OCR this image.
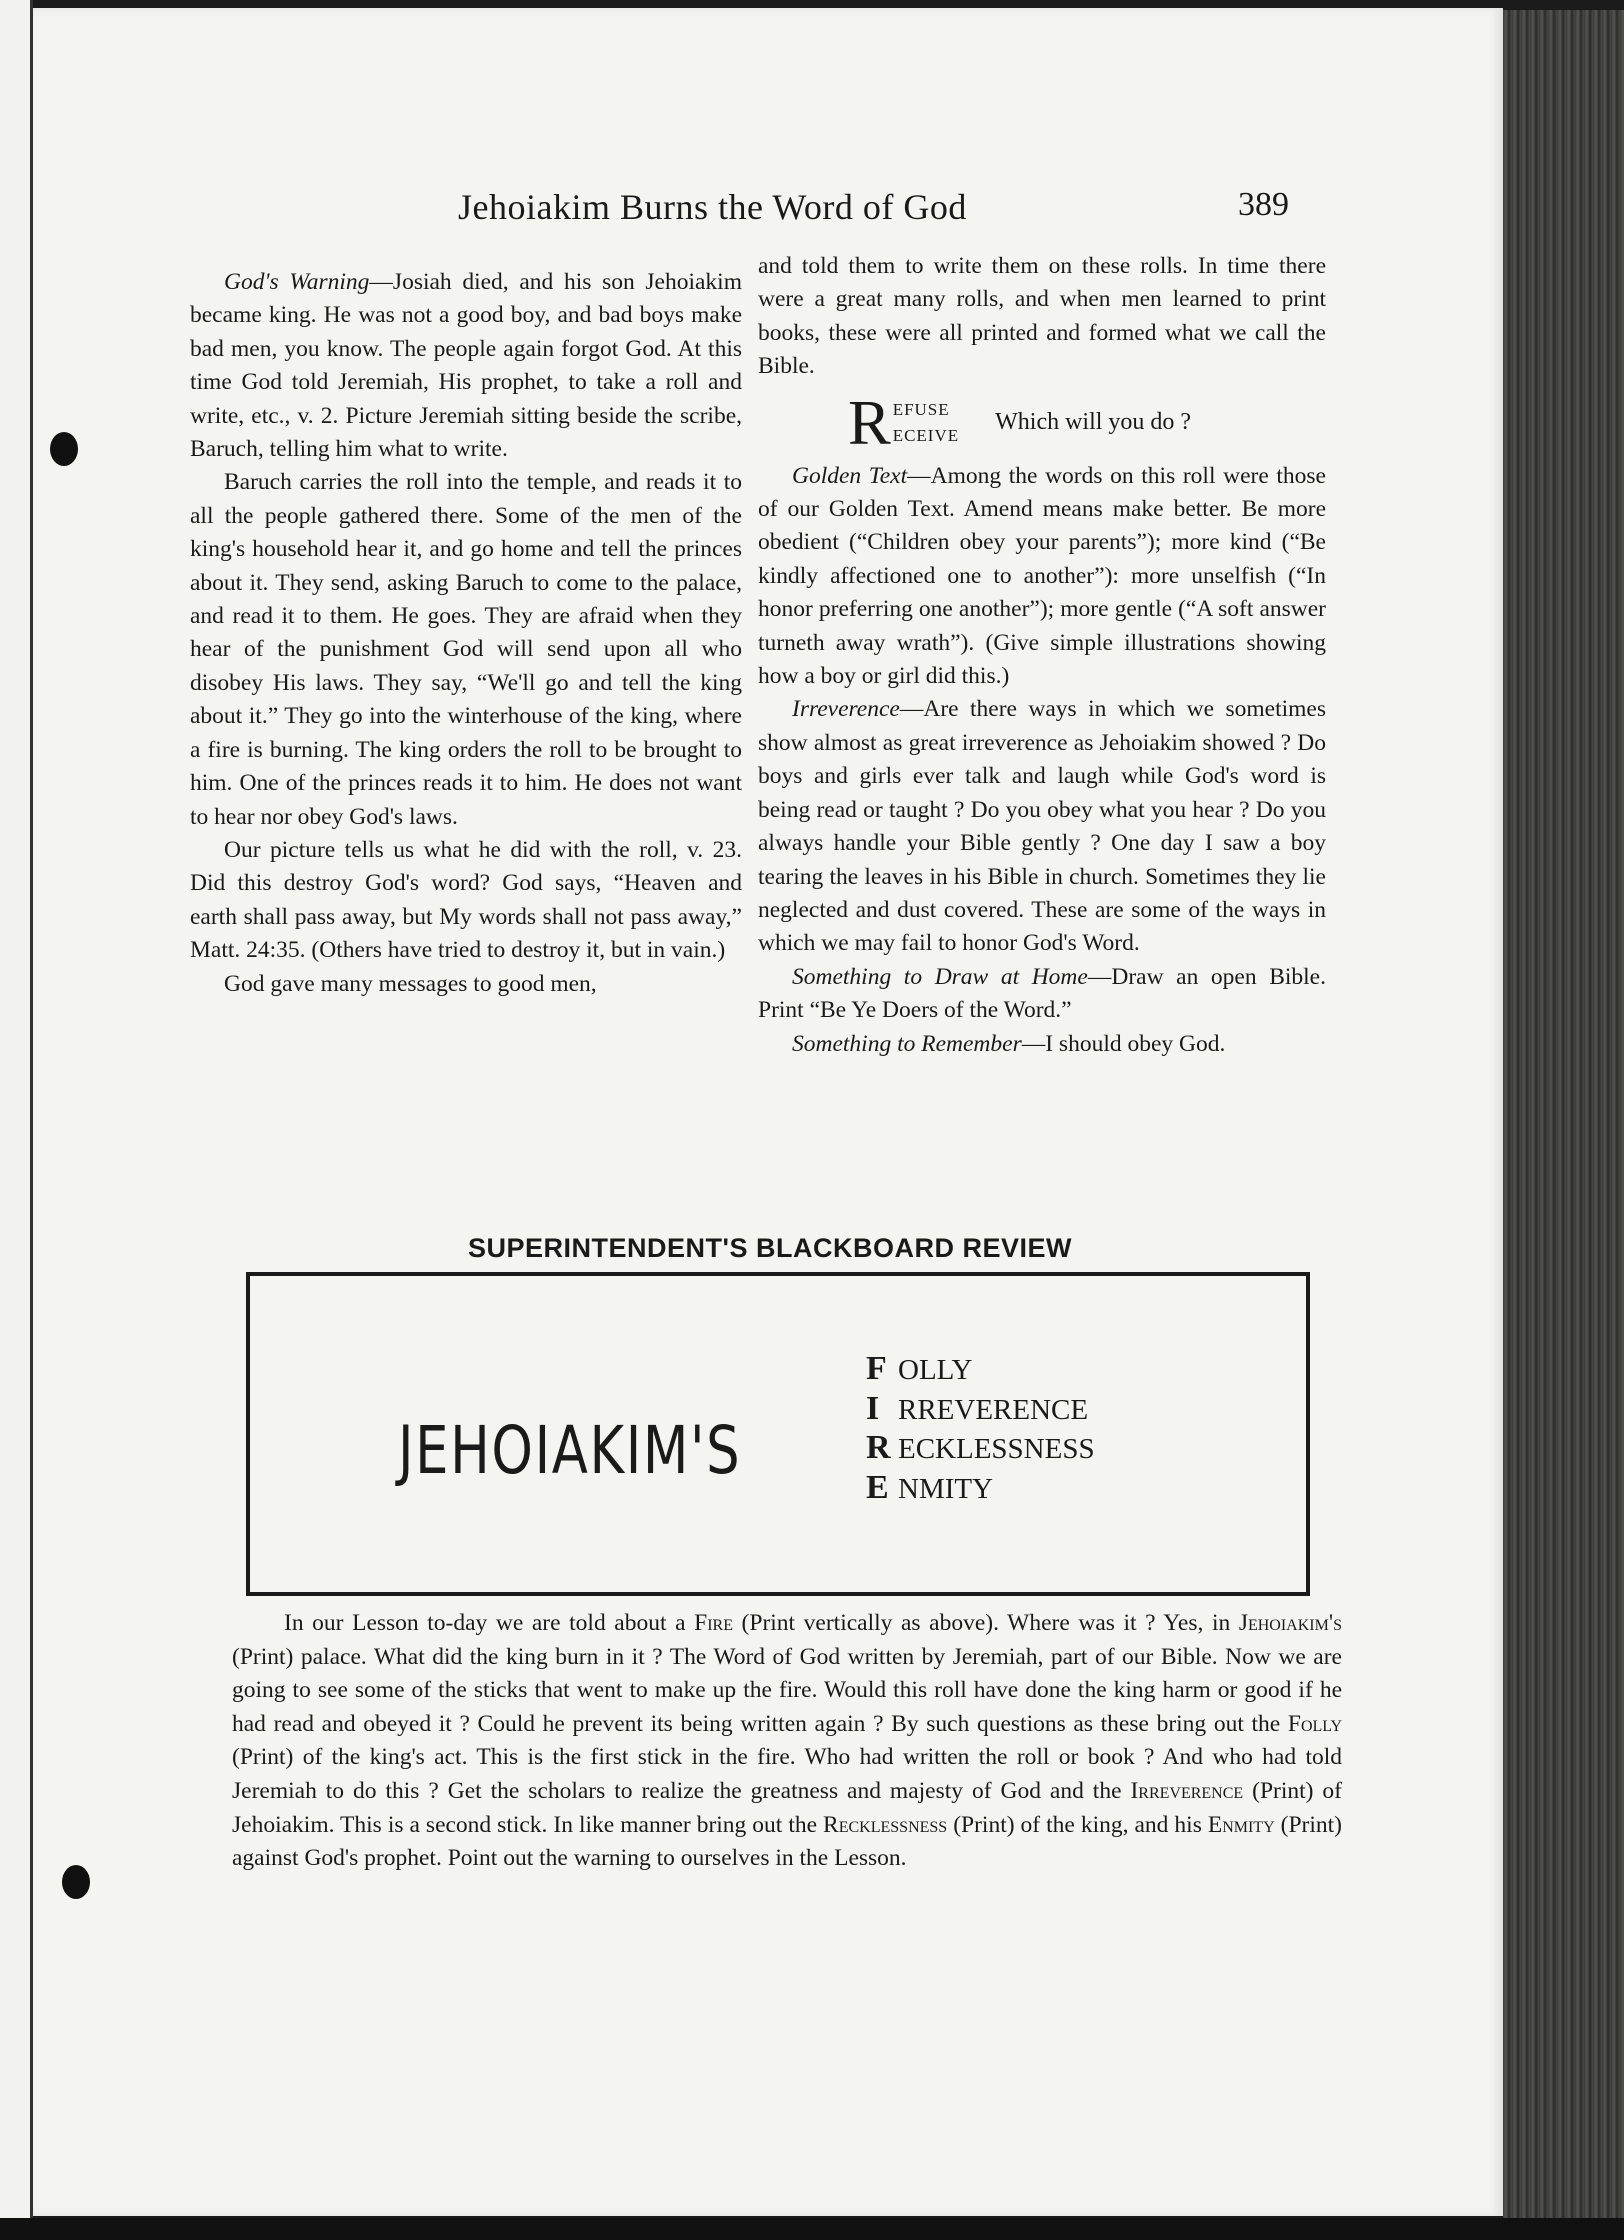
Jehoiakim Burns the Word of God	389

God's Warning—Josiah died, and his son Jehoiakim became king. He was not a good boy, and bad boys make bad men, you know. The people again forgot God. At this time God told Jeremiah, His prophet, to take a roll and write, etc., v. 2. Picture Jeremiah sitting beside the scribe, Baruch, telling him what to write.

Baruch carries the roll into the temple, and reads it to all the people gathered there. Some of the men of the king's household hear it, and go home and tell the princes about it. They send, asking Baruch to come to the palace, and read it to them. He goes. They are afraid when they hear of the punishment God will send upon all who disobey His laws. They say, “We'll go and tell the king about it.” They go into the winterhouse of the king, where a fire is burning. The king orders the roll to be brought to him. One of the princes reads it to him. He does not want to hear nor obey God's laws.

Our picture tells us what he did with the roll, v. 23. Did this destroy God's word? God says, “Heaven and earth shall pass away, but My words shall not pass away,” Matt. 24:35. (Others have tried to destroy it, but in vain.)

God gave many messages to good men,

and told them to write them on these rolls. In time there were a great many rolls, and when men learned to print books, these were all printed and formed what we call the Bible.

R EFUSE
ECEIVE
Which will you do ?

Golden Text—Among the words on this roll were those of our Golden Text. Amend means make better. Be more obedient (“Children obey your parents”); more kind (“Be kindly affectioned one to another”): more unselfish (“In honor preferring one another”); more gentle (“A soft answer turneth away wrath”). (Give simple illustrations showing how a boy or girl did this.)

Irreverence—Are there ways in which we sometimes show almost as great irreverence as Jehoiakim showed ? Do boys and girls ever talk and laugh while God's word is being read or taught ? Do you obey what you hear ? Do you always handle your Bible gently ? One day I saw a boy tearing the leaves in his Bible in church. Sometimes they lie neglected and dust covered. These are some of the ways in which we may fail to honor God's Word.

Something to Draw at Home—Draw an open Bible. Print “Be Ye Doers of the Word.”

Something to Remember—I should obey God.

SUPERINTENDENT'S BLACKBOARD REVIEW
JEHOIAKIM'S
F OLLY
I RREVERENCE
R ECKLESSNESS
E NMITY

In our Lesson to-day we are told about a Fire (Print vertically as above). Where was it ? Yes, in Jehoiakim's (Print) palace. What did the king burn in it ? The Word of God written by Jeremiah, part of our Bible. Now we are going to see some of the sticks that went to make up the fire. Would this roll have done the king harm or good if he had read and obeyed it ? Could he prevent its being written again ? By such questions as these bring out the Folly (Print) of the king's act. This is the first stick in the fire. Who had written the roll or book ? And who had told Jeremiah to do this ? Get the scholars to realize the greatness and majesty of God and the Irreverence (Print) of Jehoiakim. This is a second stick. In like manner bring out the Recklessness (Print) of the king, and his Enmity (Print) against God's prophet. Point out the warning to ourselves in the Lesson.
